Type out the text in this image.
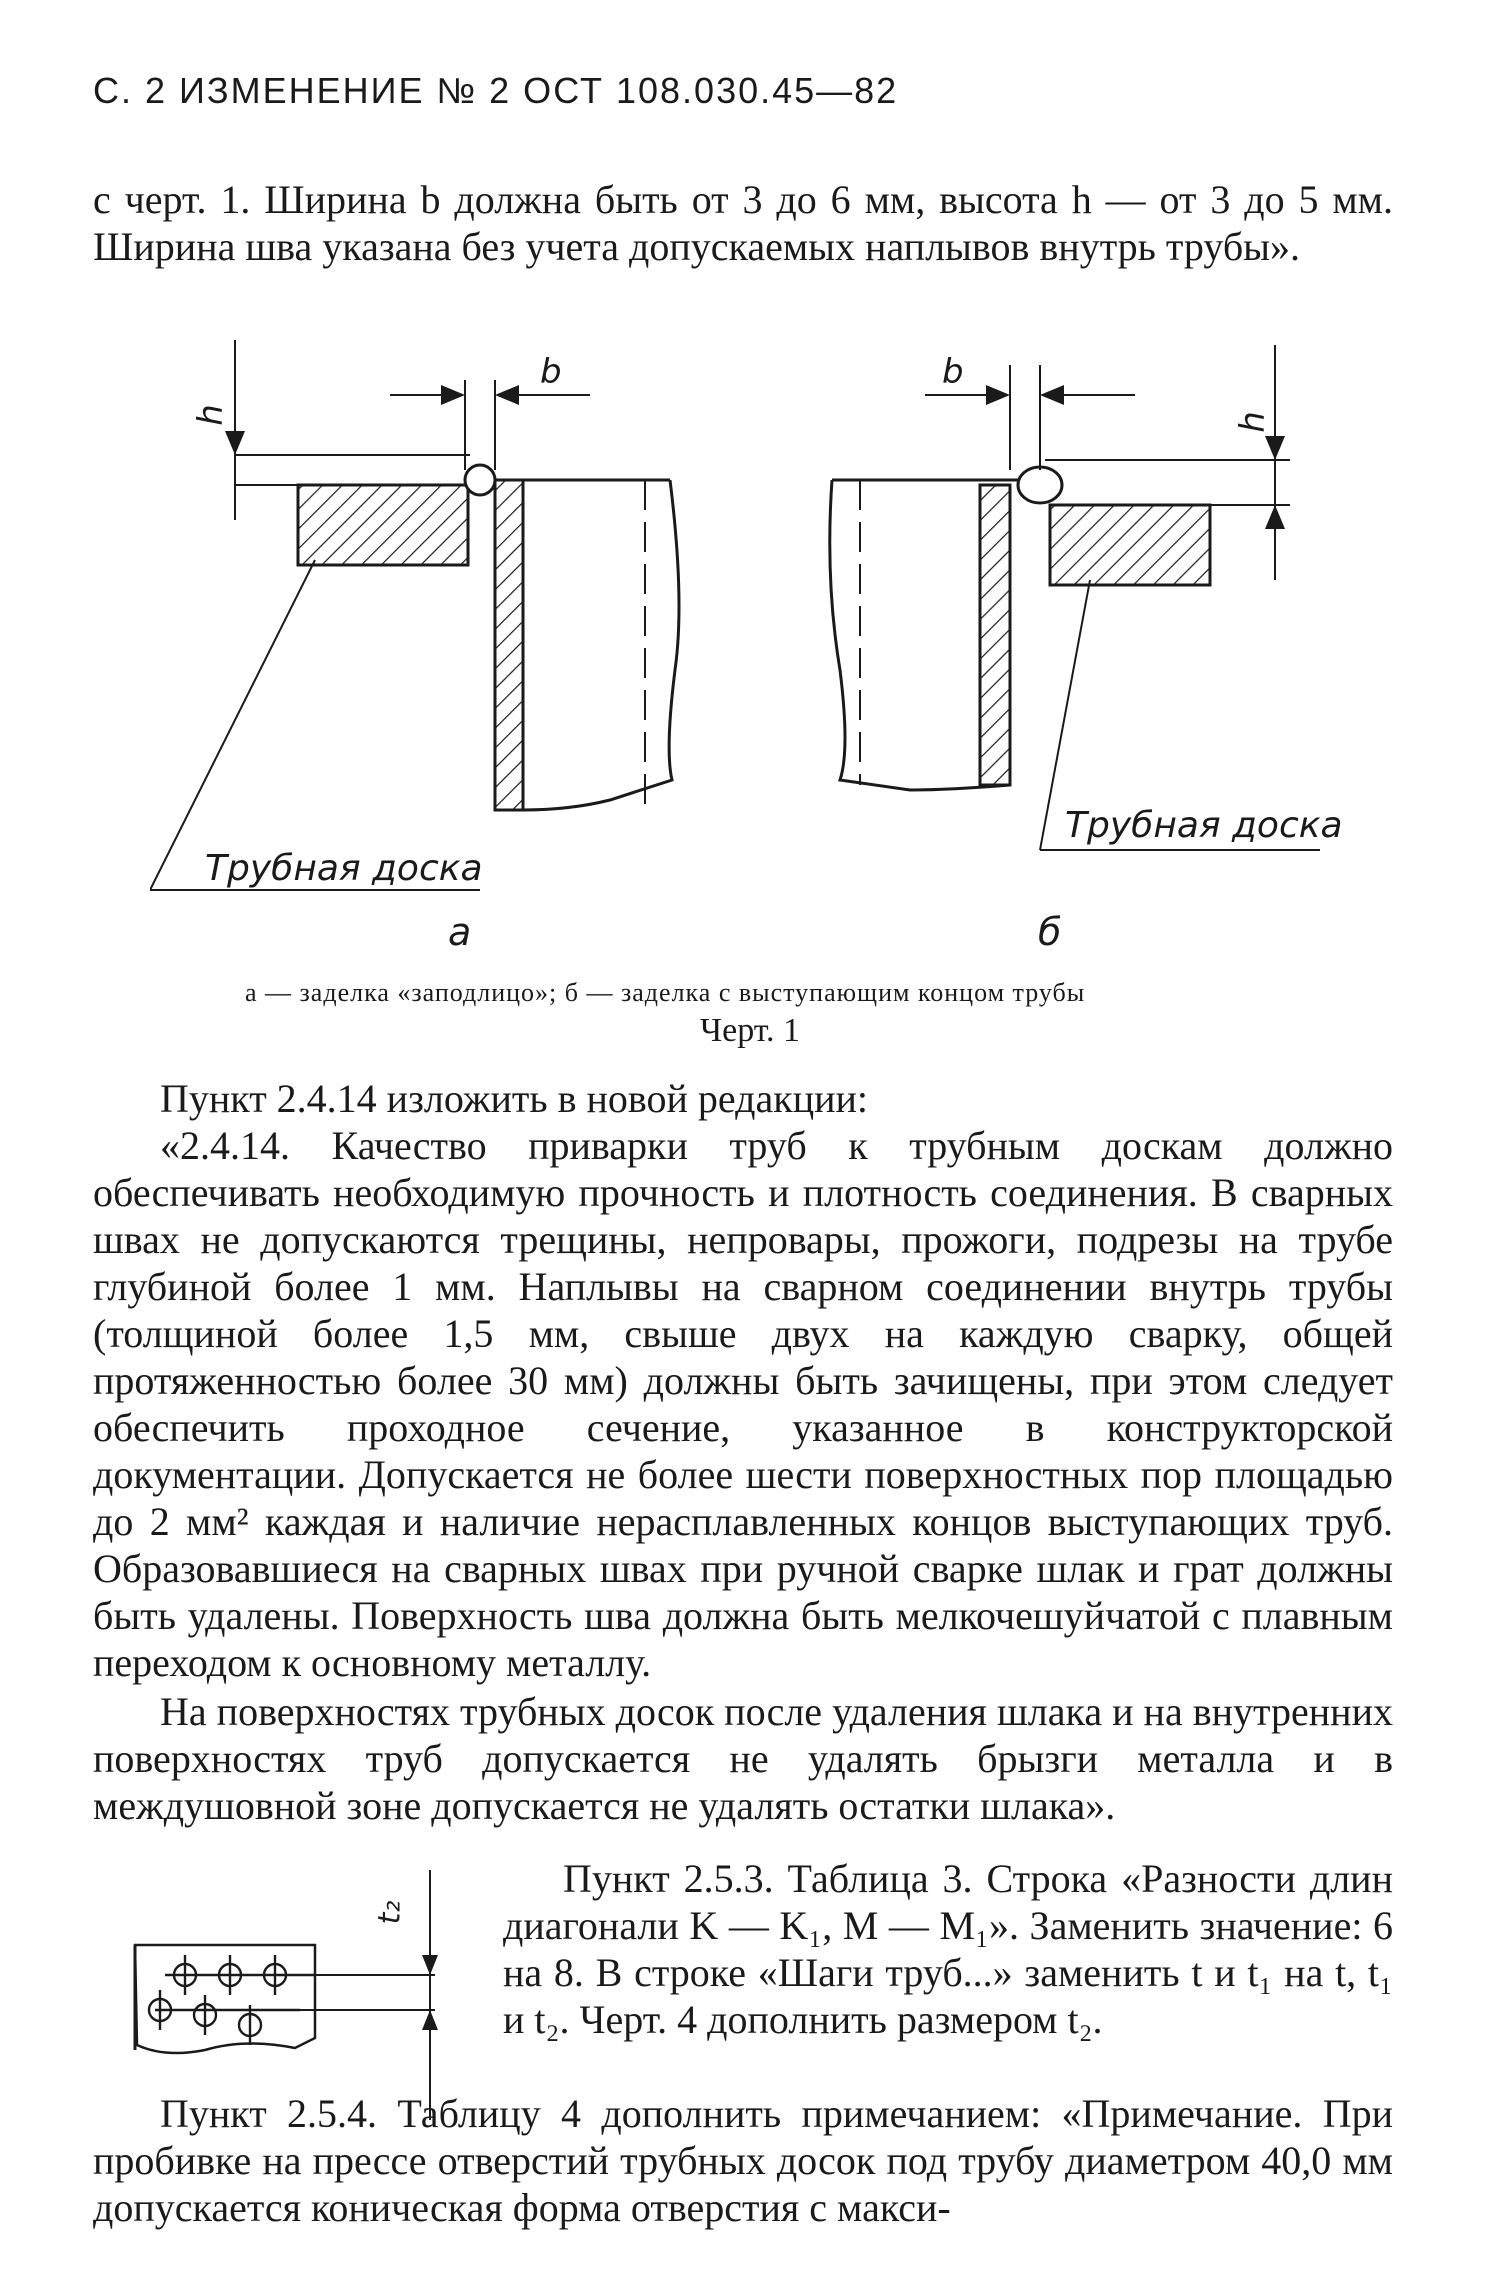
С. 2 ИЗМЕНЕНИЕ № 2 ОСТ 108.030.45—82
с черт. 1. Ширина b должна быть от 3 до 6 мм, высота h — от 3 до 5 мм. Ширина шва указана без учета допускаемых наплывов внутрь трубы».
h
b	b
h
Трубная доска
Трубная доска
а	б
а — заделка «заподлицо»; б — заделка с выступающим концом трубы
Черт. 1
Пункт 2.4.14 изложить в новой редакции:
«2.4.14. Качество приварки труб к трубным доскам должно обеспечивать необходимую прочность и плотность соединения. В сварных швах не допускаются трещины, непровары, прожоги, подрезы на трубе глубиной более 1 мм. Наплывы на сварном соединении внутрь трубы (толщиной более 1,5 мм, свыше двух на каждую сварку, общей протяженностью более 30 мм) должны быть зачищены, при этом следует обеспечить проходное сечение, указанное в конструкторской документации. Допускается не более шести поверхностных пор площадью до 2 мм² каждая и наличие нерасплавленных концов выступающих труб. Образовавшиеся на сварных швах при ручной сварке шлак и грат должны быть удалены. Поверхность шва должна быть мелкочешуйчатой с плавным переходом к основному металлу.
На поверхностях трубных досок после удаления шлака и на внутренних поверхностях труб допускается не удалять брызги металла и в междушовной зоне допускается не удалять остатки шлака».
t₂
Пункт 2.5.3. Таблица 3. Строка «Разности длин диагонали K — K₁, M — M₁». Заменить значение: 6 на 8. В строке «Шаги труб...» заменить t и t₁ на t, t₁ и t₂. Черт. 4 дополнить размером t₂.
Пункт 2.5.4. Таблицу 4 дополнить примечанием: «Примечание. При пробивке на прессе отверстий трубных досок под трубу диаметром 40,0 мм допускается коническая форма отверстия с макси-
